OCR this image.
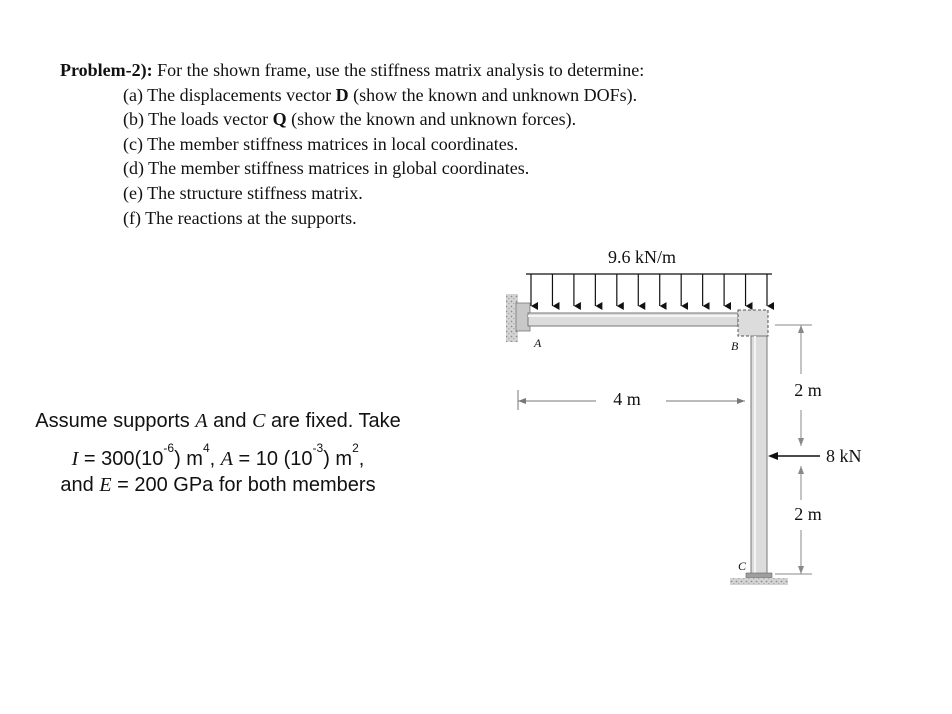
Problem-2): For the shown frame, use the stiffness matrix analysis to determine:
(a) The displacements vector D (show the known and unknown DOFs).
(b) The loads vector Q (show the known and unknown forces).
(c) The member stiffness matrices in local coordinates.
(d) The member stiffness matrices in global coordinates.
(e) The structure stiffness matrix.
(f) The reactions at the supports.
Assume supports A and C are fixed. Take
$I = 300(10^{-6})$ $m^4$, A = 10 $(10^{-3})$ $m^2$,
and E = 200 GPa for both members
9.6 kN/m
A	B
C
4 m	2 m
2 m
8 kN
